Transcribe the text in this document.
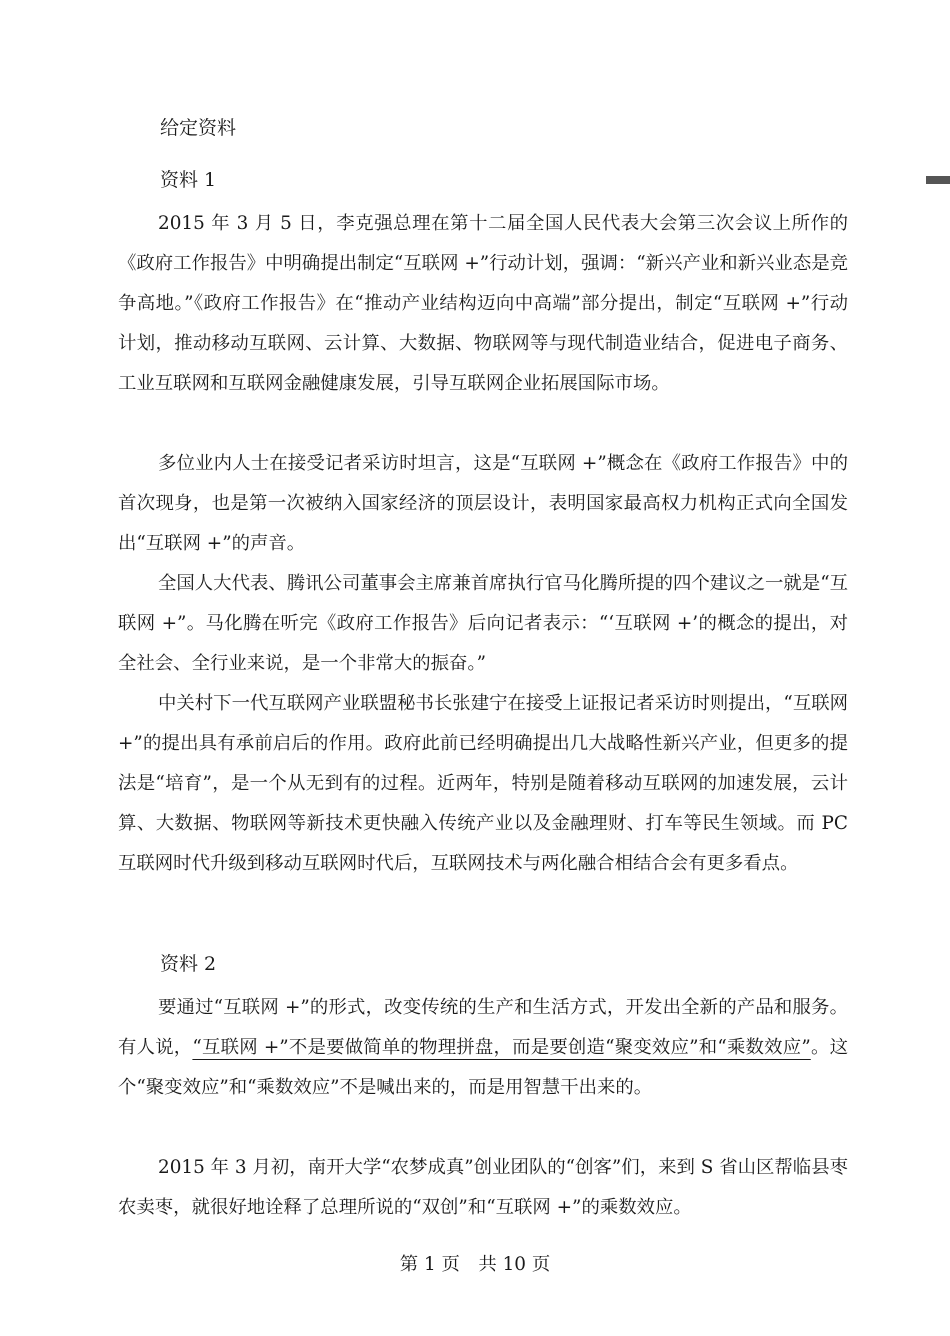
给定资料
资料 1

2015 年 3 月 5 日，李克强总理在第十二届全国人民代表大会第三次会议上所作的《政府工作报告》中明确提出制定“互联网 +”行动计划，强调：“新兴产业和新兴业态是竞争高地。”《政府工作报告》在“推动产业结构迈向中高端”部分提出，制定“互联网 +”行动计划，推动移动互联网、云计算、大数据、物联网等与现代制造业结合，促进电子商务、工业互联网和互联网金融健康发展，引导互联网企业拓展国际市场。

多位业内人士在接受记者采访时坦言，这是“互联网 +”概念在《政府工作报告》中的首次现身，也是第一次被纳入国家经济的顶层设计，表明国家最高权力机构正式向全国发出“互联网 +”的声音。

全国人大代表、腾讯公司董事会主席兼首席执行官马化腾所提的四个建议之一就是“互联网 +”。马化腾在听完《政府工作报告》后向记者表示：“‘互联网 +’的概念的提出，对全社会、全行业来说，是一个非常大的振奋。”

中关村下一代互联网产业联盟秘书长张建宁在接受上证报记者采访时则提出，“互联网 +”的提出具有承前启后的作用。政府此前已经明确提出几大战略性新兴产业，但更多的提法是“培育”，是一个从无到有的过程。近两年，特别是随着移动互联网的加速发展，云计算、大数据、物联网等新技术更快融入传统产业以及金融理财、打车等民生领域。而 PC 互联网时代升级到移动互联网时代后，互联网技术与两化融合相结合会有更多看点。

资料 2

要通过“互联网 +”的形式，改变传统的生产和生活方式，开发出全新的产品和服务。有人说，“互联网 +”不是要做简单的物理拼盘，而是要创造“聚变效应”和“乘数效应”。这个“聚变效应”和“乘数效应”不是喊出来的，而是用智慧干出来的。

2015 年 3 月初，南开大学“农梦成真”创业团队的“创客”们，来到 S 省山区帮临县枣农卖枣，就很好地诠释了总理所说的“双创”和“互联网 +”的乘数效应。

第 1 页　共 10 页
